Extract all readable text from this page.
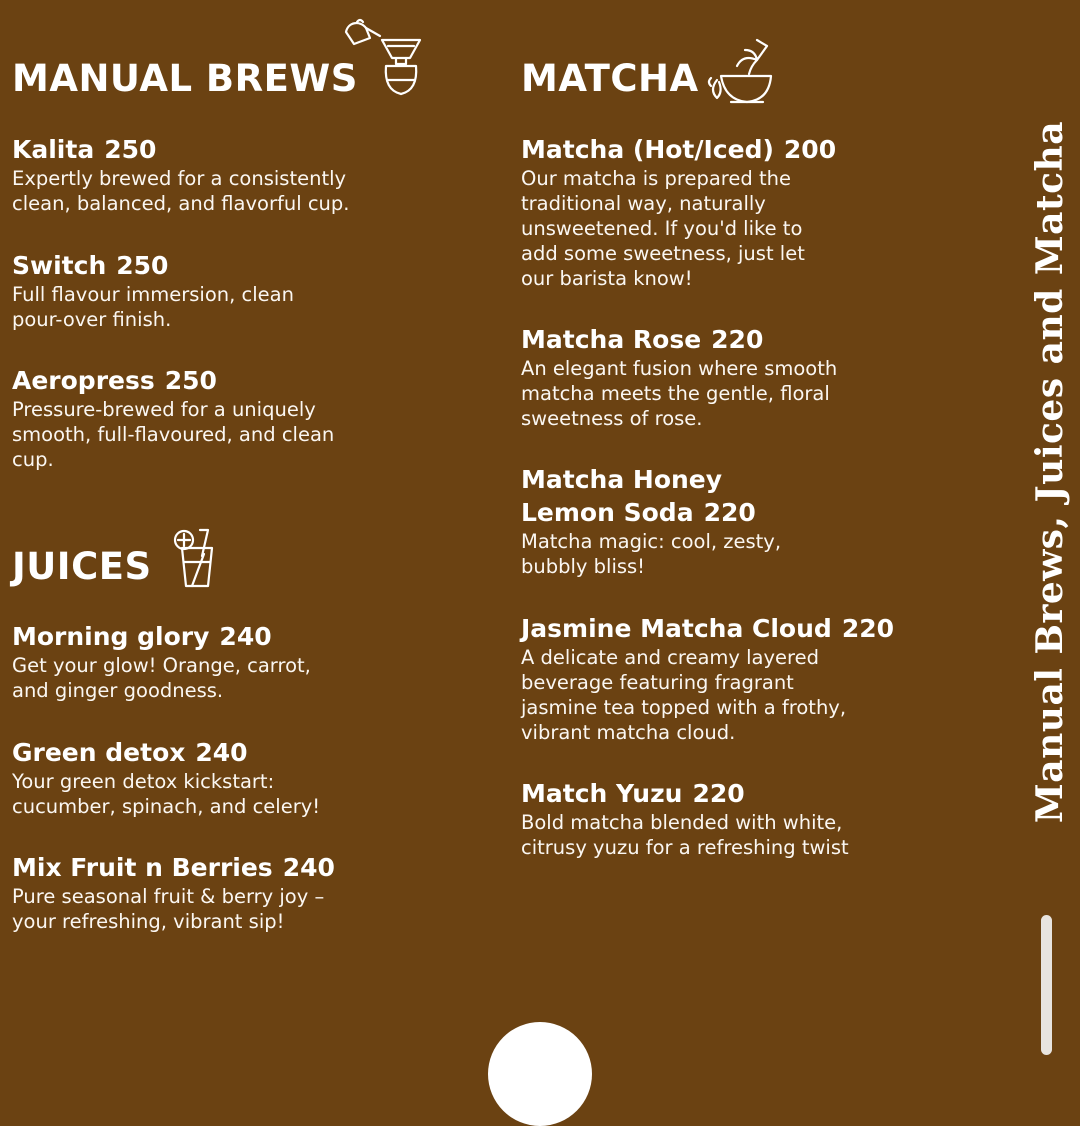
MANUAL BREWS
Kalita 250
Expertly brewed for a consistently
clean, balanced, and flavorful cup.
Switch 250
Full flavour immersion, clean
pour-over finish.
Aeropress 250
Pressure-brewed for a uniquely
smooth, full-flavoured, and clean
cup.
JUICES
Morning glory 240
Get your glow! Orange, carrot,
and ginger goodness.
Green detox 240
Your green detox kickstart:
cucumber, spinach, and celery!
Mix Fruit n Berries 240
Pure seasonal fruit & berry joy –
your refreshing, vibrant sip!
MATCHA
Matcha (Hot/Iced) 200
Our matcha is prepared the
traditional way, naturally
unsweetened. If you'd like to
add some sweetness, just let
our barista know!
Matcha Rose 220
An elegant fusion where smooth
matcha meets the gentle, floral
sweetness of rose.
Matcha Honey
Lemon Soda 220
Matcha magic: cool, zesty,
bubbly bliss!
Jasmine Matcha Cloud 220
A delicate and creamy layered
beverage featuring fragrant
jasmine tea topped with a frothy,
vibrant matcha cloud.
Match Yuzu 220
Bold matcha blended with white,
citrusy yuzu for a refreshing twist
Manual Brews, Juices and Matcha
